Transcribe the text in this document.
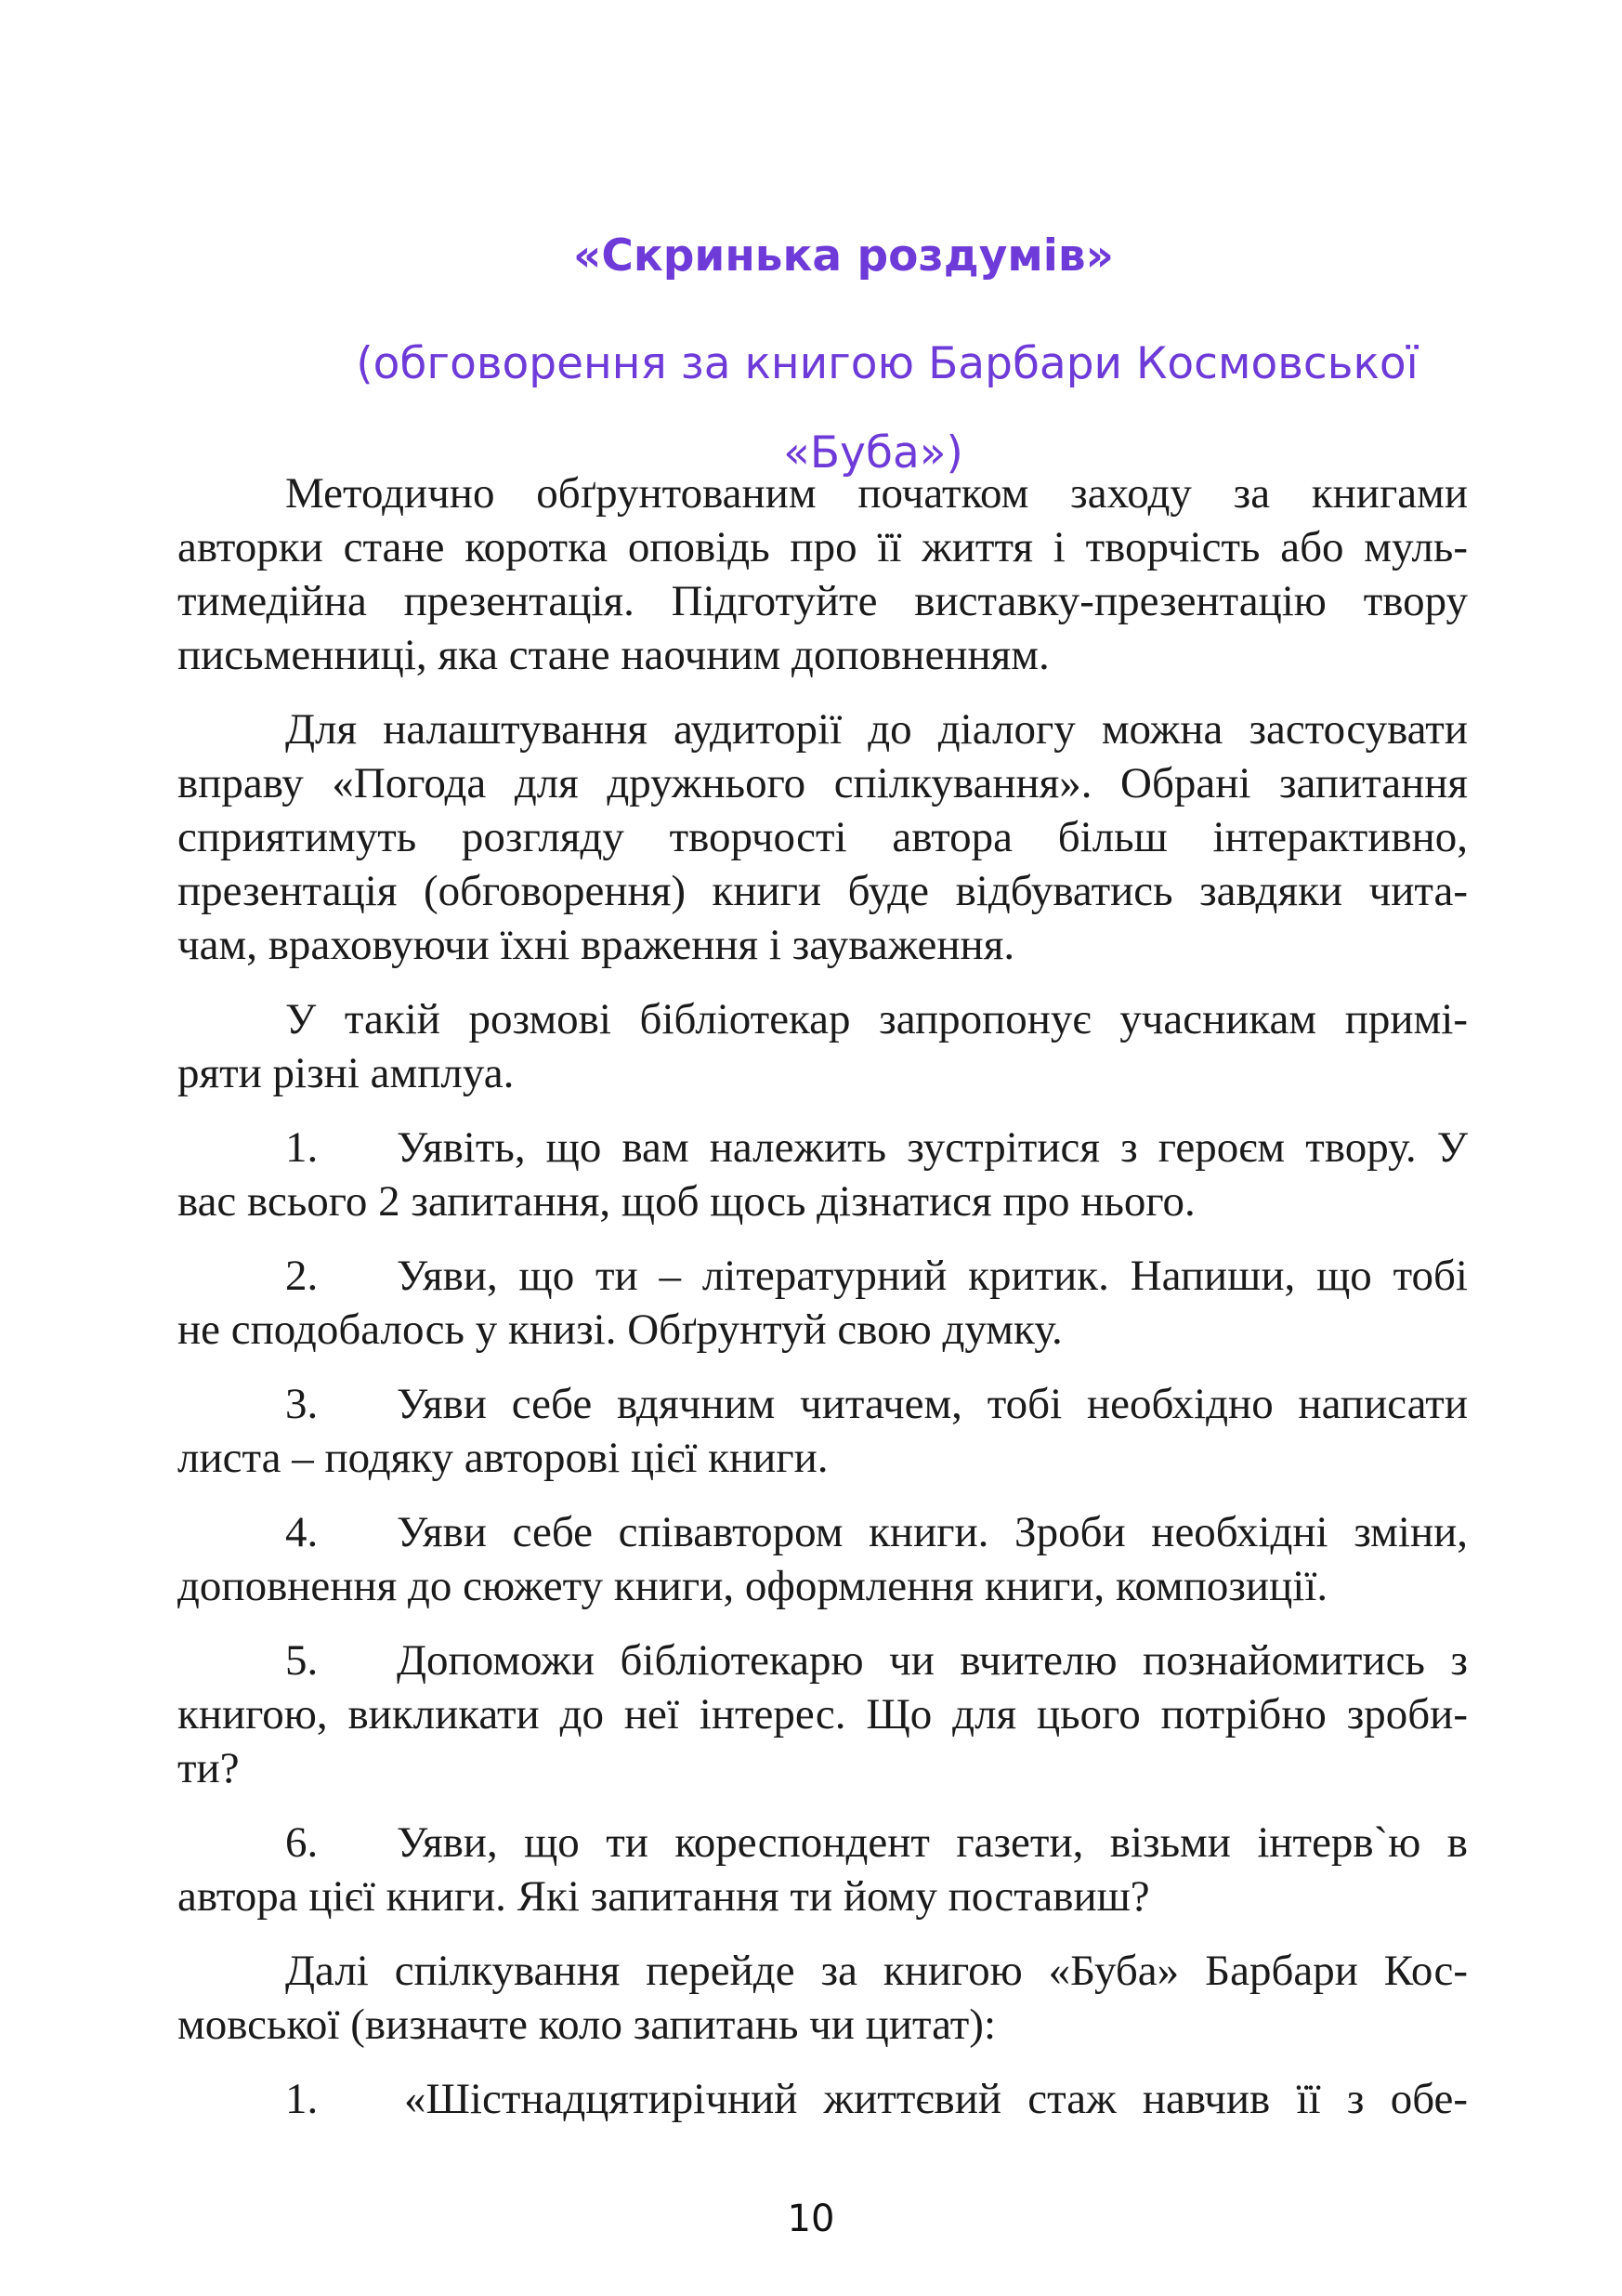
«Скринька роздумів»
(обговорення за книгою Барбари Космовської
«Буба»)

Методично обґрунтованим початком заходу за книгами
авторки стане коротка оповідь про її життя і творчість або муль-
тимедійна презентація. Підготуйте виставку-презентацію твору
письменниці, яка стане наочним доповненням.

Для налаштування аудиторії до діалогу можна застосувати
вправу «Погода для дружнього спілкування». Обрані запитання
сприятимуть розгляду творчості автора більш інтерактивно,
презентація (обговорення) книги буде відбуватись завдяки чита-
чам, враховуючи їхні враження і зауваження.

У такій розмові бібліотекар запропонує учасникам примі-
ряти різні амплуа.

1. Уявіть, що вам належить зустрітися з героєм твору. У
вас всього 2 запитання, щоб щось дізнатися про нього.

2. Уяви, що ти – літературний критик. Напиши, що тобі
не сподобалось у книзі. Обґрунтуй свою думку.

3. Уяви себе вдячним читачем, тобі необхідно написати
листа – подяку авторові цієї книги.

4. Уяви себе співавтором книги. Зроби необхідні зміни,
доповнення до сюжету книги, оформлення книги, композиції.

5. Допоможи бібліотекарю чи вчителю познайомитись з
книгою, викликати до неї інтерес. Що для цього потрібно зроби-
ти?

6. Уяви, що ти кореспондент газети, візьми інтерв`ю в
автора цієї книги. Які запитання ти йому поставиш?

Далі спілкування перейде за книгою «Буба» Барбари Кос-
мовської (визначте коло запитань чи цитат):

1. «Шістнадцятирічний життєвий стаж навчив її з обе-

10
